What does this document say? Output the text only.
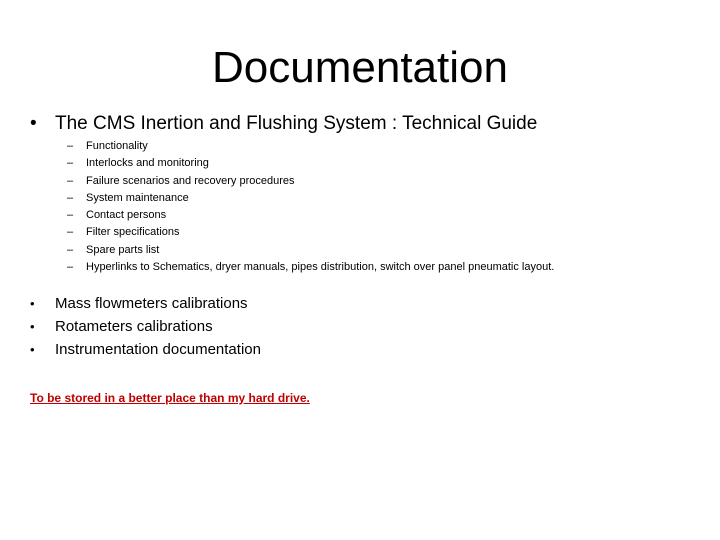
Documentation
• The CMS Inertion and Flushing System : Technical Guide
– Functionality
– Interlocks and monitoring
– Failure scenarios and recovery procedures
– System maintenance
– Contact persons
– Filter specifications
– Spare parts list
– Hyperlinks to Schematics, dryer manuals, pipes distribution, switch over panel pneumatic layout.
• Mass flowmeters calibrations
• Rotameters calibrations
• Instrumentation documentation
To be stored in a better place than my hard drive.
